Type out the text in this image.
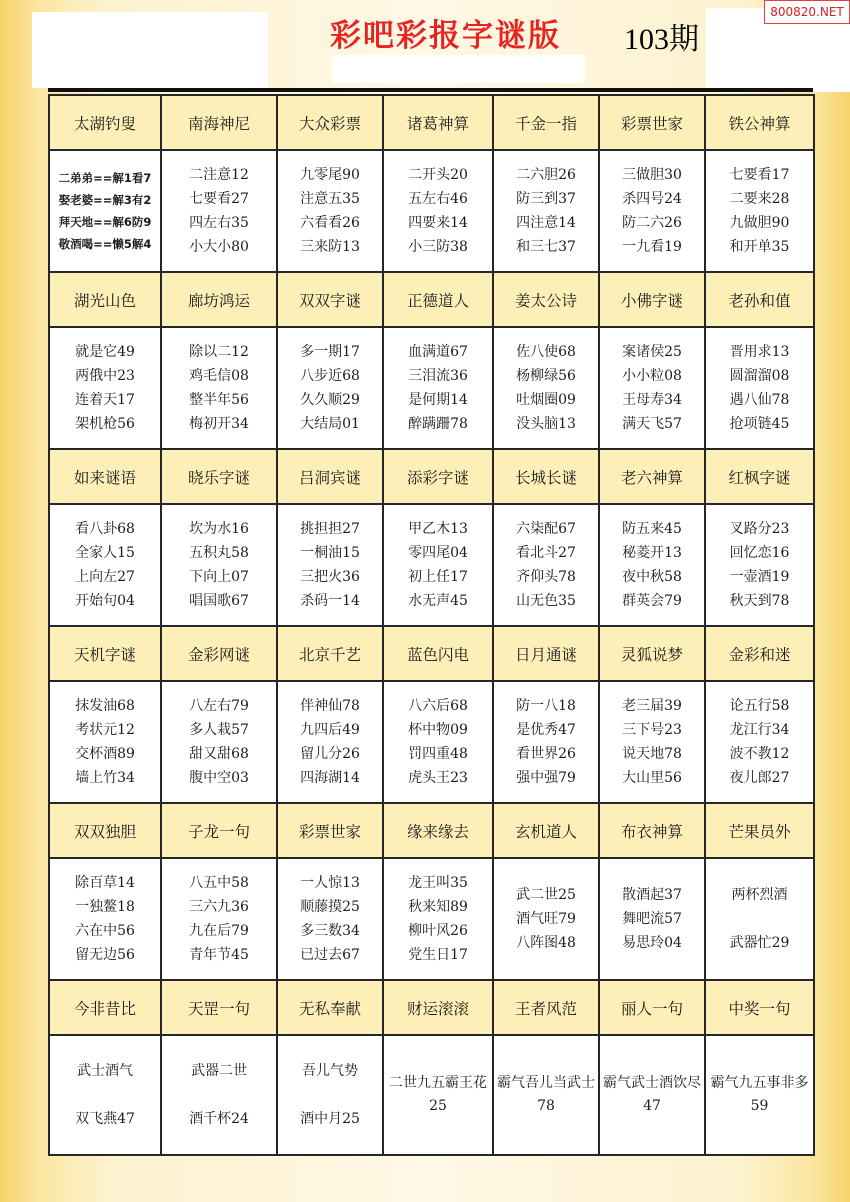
彩吧彩报字谜版 103期
800820.NET
太湖钓叟	南海神尼	大众彩票	诸葛神算	千金一指	彩票世家	铁公神算

二弟弟==解1看7
娶老婆==解3有2
拜天地==解6防9
敬酒喝==懒5解4	二注意12
七要看27
四左右35
小大小80	九零尾90
注意五35
六看看26
三来防13	二开头20
五左右46
四要来14
小三防38	二六胆26
防三到37
四注意14
和三七37	三做胆30
杀四号24
防二六26
一九看19	七要看17
二要来28
九做胆90
和开单35

湖光山色	廊坊鸿运	双双字谜	正德道人	姜太公诗	小佛字谜	老孙和值

就是它49
两俄中23
连着天17
架机枪56	除以二12
鸡毛信08
整半年56
梅初开34	多一期17
八步近68
久久顺29
大结局01	血满道67
三泪流36
是何期14
醉蹒跚78	佐八使68
杨柳绿56
吐烟圈09
没头脑13	案诸侯25
小小粒08
王母寿34
满天飞57	晋用求13
圆溜溜08
遇八仙78
抢项链45

如来谜语	晓乐字谜	吕洞宾谜	添彩字谜	长城长谜	老六神算	红枫字谜

看八卦68
全家人15
上向左27
开始句04	坎为水16
五积丸58
下向上07
唱国歌67	挑担担27
一桐油15
三把火36
杀码一14	甲乙木13
零四尾04
初上任17
水无声45	六柒配67
看北斗27
齐仰头78
山无色35	防五来45
秘菱开13
夜中秋58
群英会79	叉路分23
回忆恋16
一壶酒19
秋天到78

天机字谜	金彩网谜	北京千艺	蓝色闪电	日月通谜	灵狐说梦	金彩和迷

抹发油68
考状元12
交杯酒89
墙上竹34	八左右79
多人栽57
甜又甜68
腹中空03	伴神仙78
九四后49
留儿分26
四海湖14	八六后68
杯中物09
罚四重48
虎头王23	防一八18
是优秀47
看世界26
强中强79	老三届39
三下号23
说天地78
大山里56	论五行58
龙江行34
波不教12
夜儿郎27

双双独胆	子龙一句	彩票世家	缘来缘去	玄机道人	布衣神算	芒果员外

除百草14
一独鳌18
六在中56
留无边56	八五中58
三六九36
九在后79
青年节45	一人惊13
顺藤摸25
多三数34
已过去67	龙王叫35
秋来知89
柳叶风26
党生日17	武二世25
酒气旺79
八阵图48	散酒起37
舞吧流57
易思玲04	两杯烈酒
武器忙29

今非昔比	天罡一句	无私奉献	财运滚滚	王者风范	丽人一句	中奖一句

武士酒气
双飞燕47	武器二世
酒千杯24	吾儿气势
酒中月25	二世九五霸王花25	霸气吾儿当武士78	霸气武士酒饮尽47	霸气九五事非多59
